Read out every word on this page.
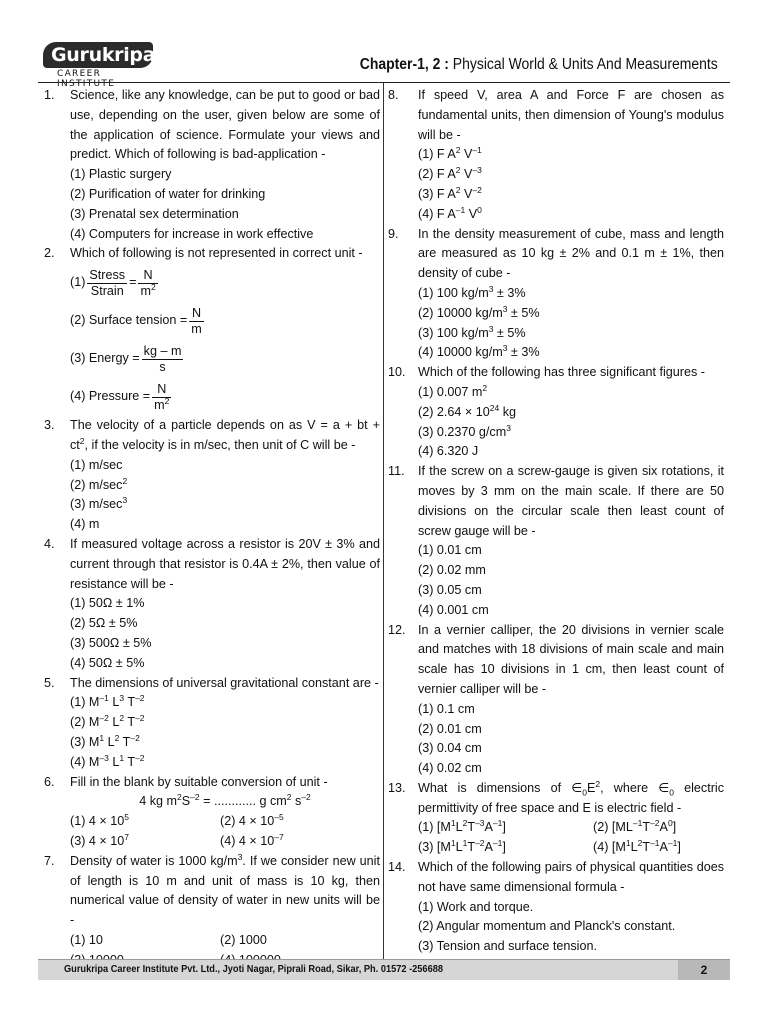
Gurukripa
CAREER INSTITUTE
Chapter-1, 2 : Physical World & Units And Measurements
1. Science, like any knowledge, can be put to good or bad use, depending on the user, given below are some of the application of science. Formulate your views and predict. Which of following is bad-application -
(1) Plastic surgery
(2) Purification of water for drinking
(3) Prenatal sex determination
(4) Computers for increase in work effective
2. Which of following is not represented in correct unit -
$(1) \frac{\text{Stress}}{\text{Strain}} = \frac{N}{m^2}$
(2) Surface tension = $\frac{N}{m}$
(3) Energy = $\frac{kg - m}{s}$
(4) Pressure = $\frac{N}{m^2}$
3. The velocity of a particle depends on as V = a + bt + $ct^2$, if the velocity is in m/sec, then unit of C will be -
(1) m/sec
(2) $m/\sec^2$
(3) $m/\sec^3$
(4) m
4. If measured voltage across a resistor is 20V ± 3% and current through that resistor is 0.4A ± 2%, then value of resistance will be -
(1) 50Ω ± 1%
(2) 5Ω ± 5%
(3) 500Ω ± 5%
(4) 50Ω ± 5%
5. The dimensions of universal gravitational constant are -
(1) $M^{-1}$ $L^3$ $T^{-2}$
(2) $M^{-2}$ $L^2$ $T^{-2}$
(3) $M^1$ $L^2$ $T^{-2}$
(4) $M^{-3}$ $L^1$ $T^{-2}$
6. Fill in the blank by suitable conversion of unit -
4 kg $m^2S^{-2}$ = ............ g $cm^2$ $s^{-2}$
(1) $4 \times 10^5$	(2) $4 \times 10^{-5}$
(3) $4 \times 10^7$	(4) $4 \times 10^{-7}$
7. Density of water is 1000 $kg/m^3$. If we consider new unit of length is 10 m and unit of mass is 10 kg, then numerical value of density of water in new units will be -
(1) 10	(2) 1000
8. If speed V, area A and Force F are chosen as fundamental units, then dimension of Young's modulus will be -
(1) F $A^2$ $V^{-1}$
(2) F $A^2$ $V^{-3}$
(3) F $A^2$ $V^{-2}$
(4) F $A^{-1}$ $V^0$
9. In the density measurement of cube, mass and length are measured as 10 kg ± 2% and 0.1 m ± 1%, then density of cube -
(1) 100 $kg/m^3 \pm 3\%$
(2) 10000 $kg/m^3 \pm 5\%$
(3) 100 $kg/m^3 \pm 5\%$
(4) 10000 $kg/m^3 \pm 3\%$
10. Which of the following has three significant figures -
(1) 0.007 $m^2$
(2) $2.64 \times 10^{24}$ kg
(3) 0.2370 $g/cm^3$
(4) 6.320 J
11. If the screw on a screw-gauge is given six rotations, it moves by 3 mm on the main scale. If there are 50 divisions on the circular scale then least count of screw gauge will be -
(1) 0.01 cm
(2) 0.02 mm
(3) 0.05 cm
(4) 0.001 cm
12. In a vernier calliper, the 20 divisions in vernier scale and matches with 18 divisions of main scale and main scale has 10 divisions in 1 cm, then least count of vernier calliper will be -
(1) 0.1 cm
(2) 0.01 cm
(3) 0.04 cm
(4) 0.02 cm
13. What is dimensions of $\in_0E^2$, where $\in_0$ electric permittivity of free space and E is electric field -
(1) $[M^1L^2T^{-3}A^{-1}]$	(2) $[ML^{-1}T^{-2}A^0]$
(3) $[M^1L^1T^{-2}A^{-1}]$	(4) $[M^1L^2T^{-1}A^{-1}]$
14. Which of the following pairs of physical quantities does not have same dimensional formula -
(1) Work and torque.
(2) Angular momentum and Planck's constant.
(3) Tension and surface tension.
Gurukripa Career Institute Pvt. Ltd., Jyoti Nagar, Piprali Road, Sikar, Ph. 01572 -256688	2
